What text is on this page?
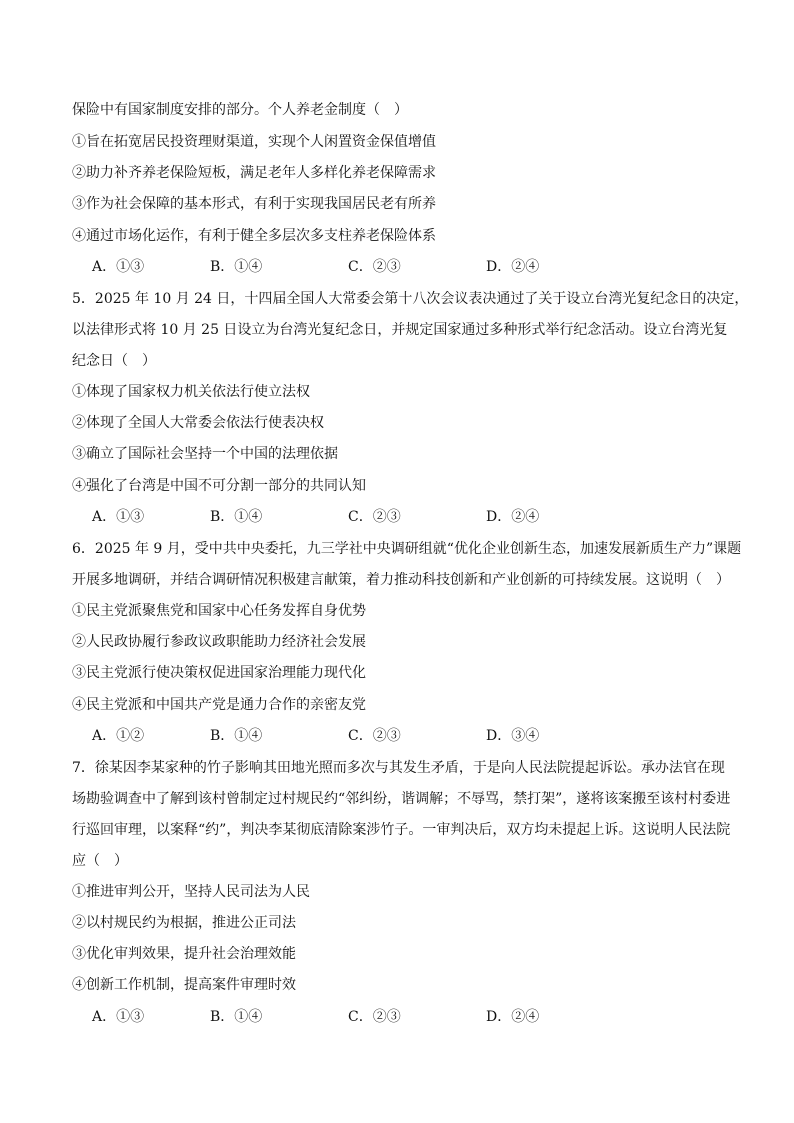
保险中有国家制度安排的部分。个人养老金制度（　）
①旨在拓宽居民投资理财渠道，实现个人闲置资金保值增值
②助力补齐养老保险短板，满足老年人多样化养老保障需求
③作为社会保障的基本形式，有利于实现我国居民老有所养
④通过市场化运作，有利于健全多层次多支柱养老保险体系
A．①③	B．①④	C．②③	D．②④
5．2025 年 10 月 24 日，十四届全国人大常委会第十八次会议表决通过了关于设立台湾光复纪念日的决定，
以法律形式将 10 月 25 日设立为台湾光复纪念日，并规定国家通过多种形式举行纪念活动。设立台湾光复
纪念日（　）
①体现了国家权力机关依法行使立法权
②体现了全国人大常委会依法行使表决权
③确立了国际社会坚持一个中国的法理依据
④强化了台湾是中国不可分割一部分的共同认知
A．①③	B．①④	C．②③	D．②④
6．2025 年 9 月，受中共中央委托，九三学社中央调研组就“优化企业创新生态，加速发展新质生产力”课题
开展多地调研，并结合调研情况积极建言献策，着力推动科技创新和产业创新的可持续发展。这说明（　）
①民主党派聚焦党和国家中心任务发挥自身优势
②人民政协履行参政议政职能助力经济社会发展
③民主党派行使决策权促进国家治理能力现代化
④民主党派和中国共产党是通力合作的亲密友党
A．①②	B．①④	C．②③	D．③④
7．徐某因李某家种的竹子影响其田地光照而多次与其发生矛盾，于是向人民法院提起诉讼。承办法官在现
场勘验调查中了解到该村曾制定过村规民约“邻纠纷，谐调解；不辱骂，禁打架”，遂将该案搬至该村村委进
行巡回审理，以案释“约”，判决李某彻底清除案涉竹子。一审判决后，双方均未提起上诉。这说明人民法院
应（　）
①推进审判公开，坚持人民司法为人民
②以村规民约为根据，推进公正司法
③优化审判效果，提升社会治理效能
④创新工作机制，提高案件审理时效
A．①③	B．①④	C．②③	D．②④
